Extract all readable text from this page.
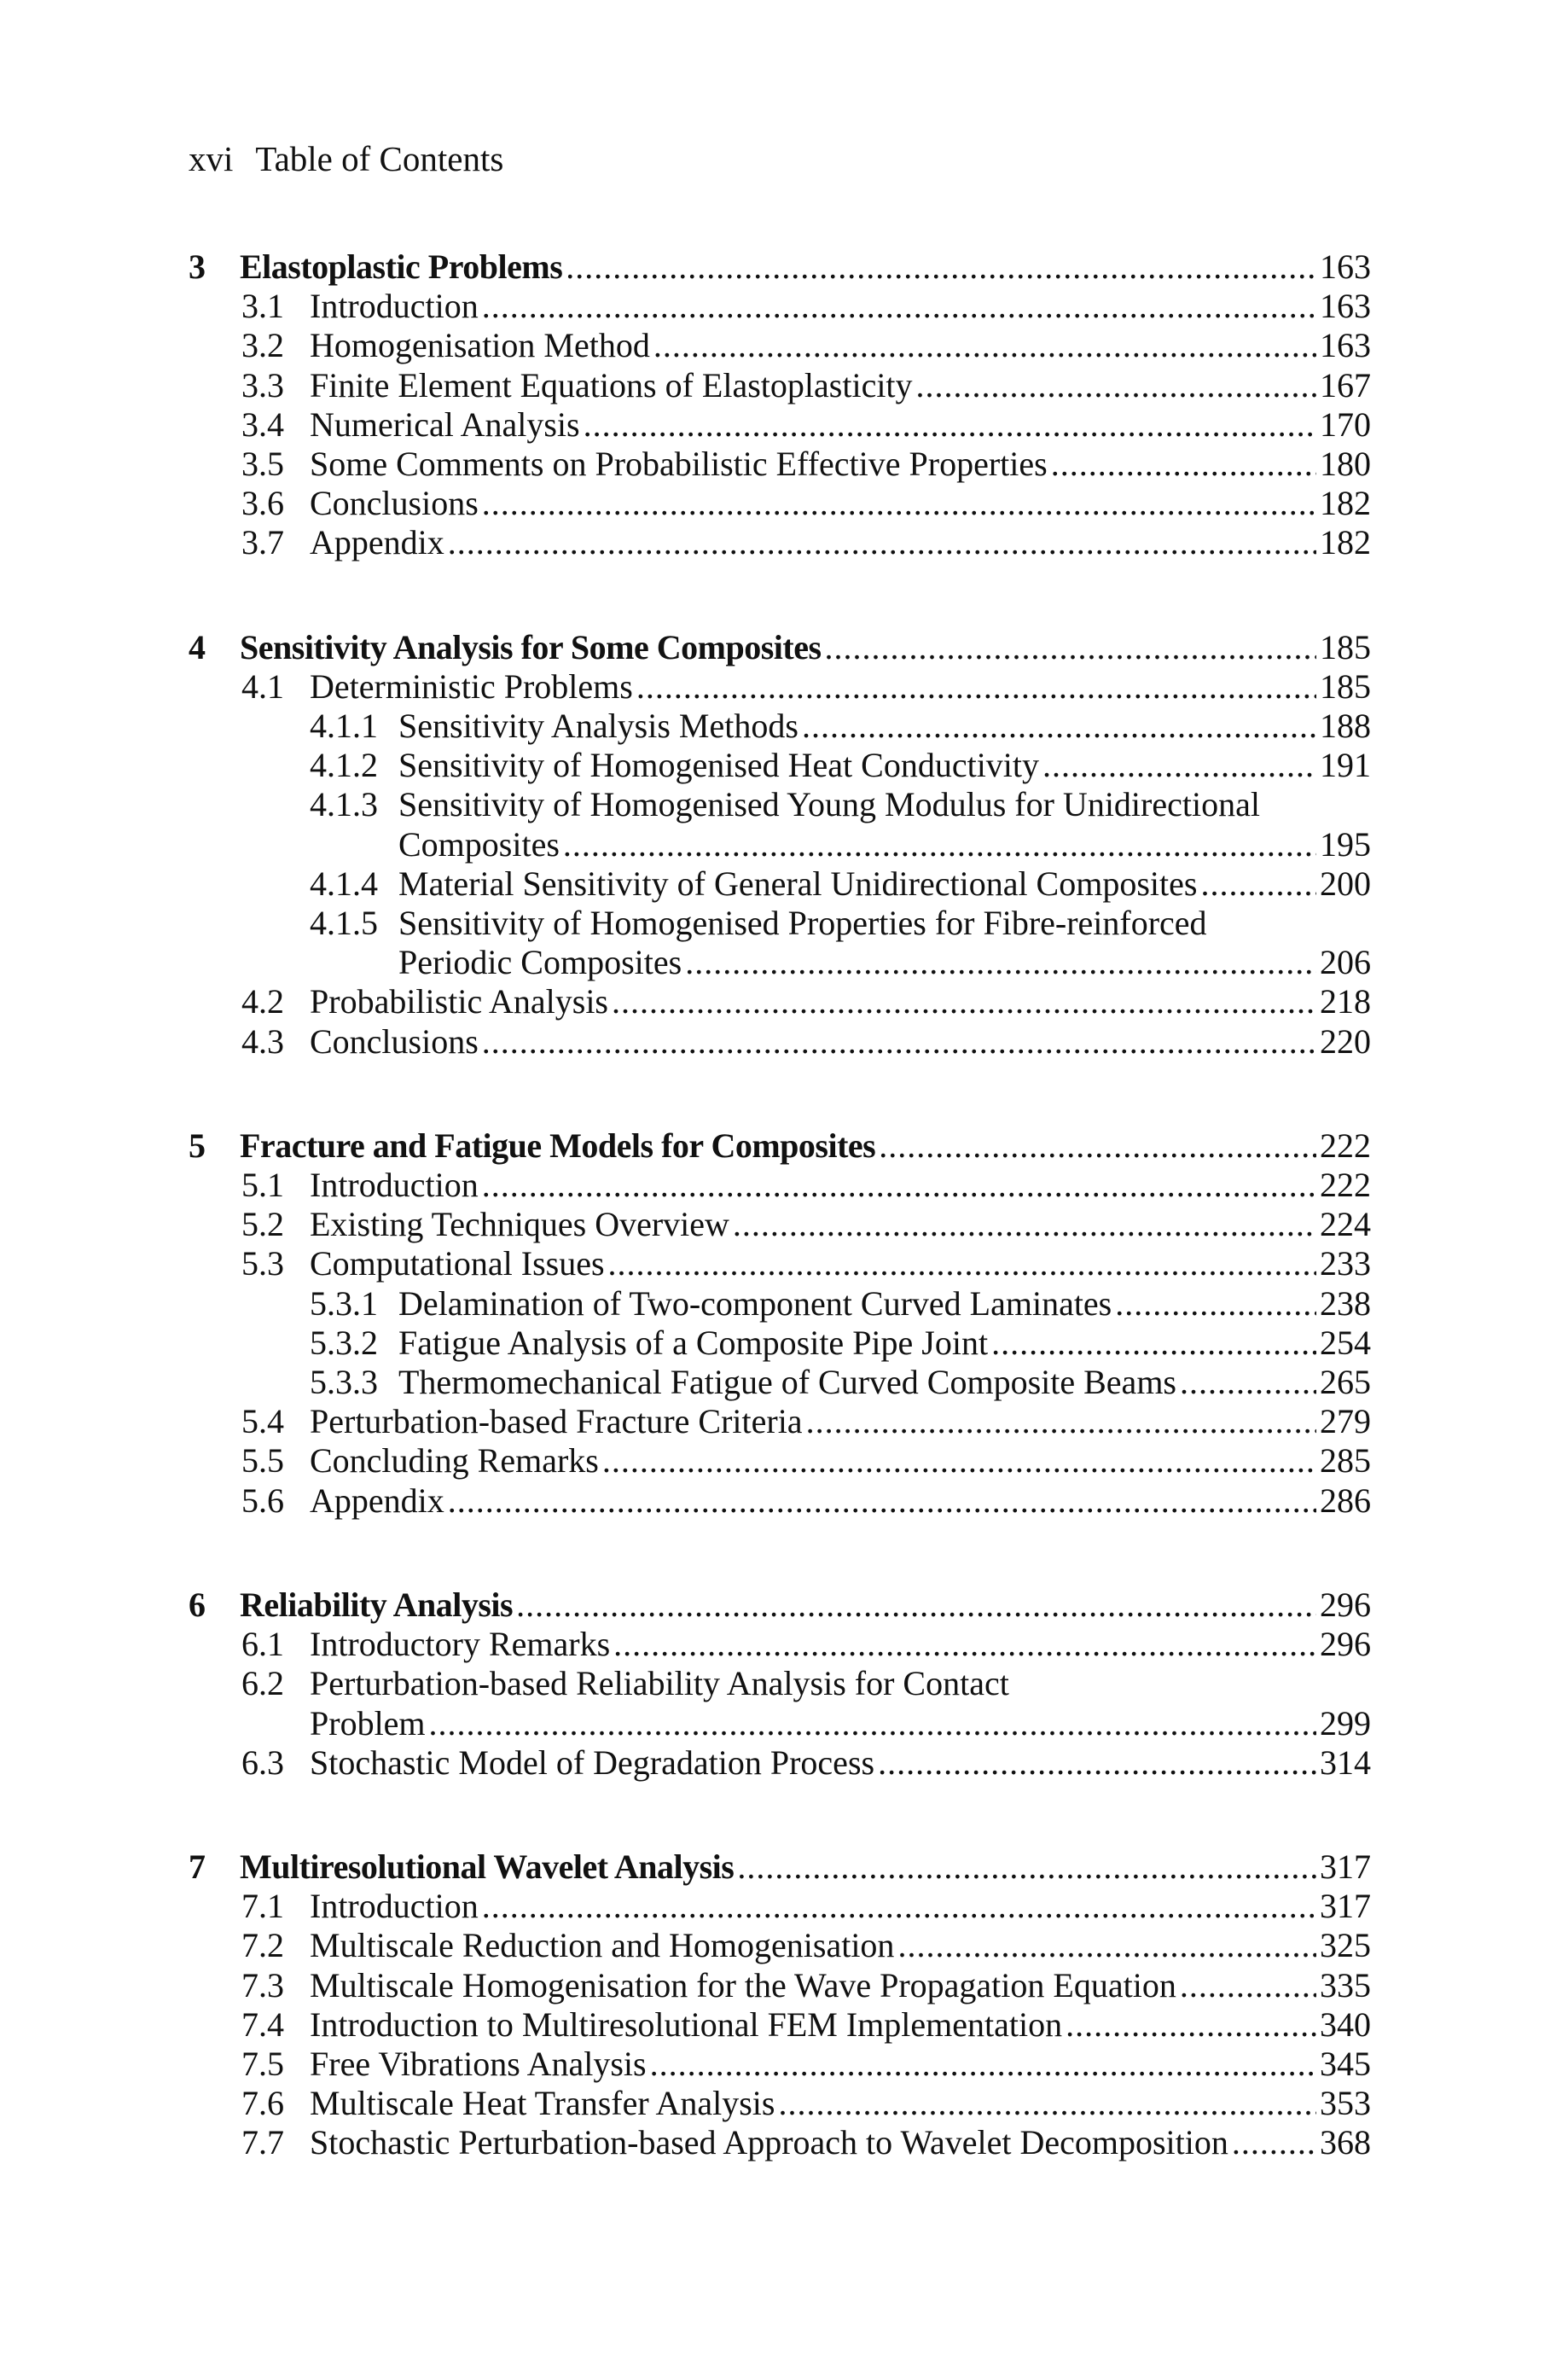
xvi Table of Contents
3 Elastoplastic Problems .....	163
3.1 Introduction .....	163
3.2 Homogenisation Method .....	163
3.3 Finite Element Equations of Elastoplasticity .....	167
3.4 Numerical Analysis .....	170
3.5 Some Comments on Probabilistic Effective Properties .....	180
3.6 Conclusions .....	182
3.7 Appendix .....	182
4 Sensitivity Analysis for Some Composites .....	185
4.1 Deterministic Problems .....	185
4.1.1 Sensitivity Analysis Methods .....	188
4.1.2 Sensitivity of Homogenised Heat Conductivity .....	191
4.1.3 Sensitivity of Homogenised Young Modulus for Unidirectional
Composites .....	195
4.1.4 Material Sensitivity of General Unidirectional Composites .....	200
4.1.5 Sensitivity of Homogenised Properties for Fibre-reinforced
Periodic Composites .....	206
4.2 Probabilistic Analysis .....	218
4.3 Conclusions .....	220
5 Fracture and Fatigue Models for Composites .....	222
5.1 Introduction .....	222
5.2 Existing Techniques Overview .....	224
5.3 Computational Issues .....	233
5.3.1 Delamination of Two-component Curved Laminates .....	238
5.3.2 Fatigue Analysis of a Composite Pipe Joint .....	254
5.3.3 Thermomechanical Fatigue of Curved Composite Beams .....	265
5.4 Perturbation-based Fracture Criteria .....	279
5.5 Concluding Remarks .....	285
5.6 Appendix .....	286
6 Reliability Analysis .....	296
6.1 Introductory Remarks .....	296
6.2 Perturbation-based Reliability Analysis for Contact
Problem .....	299
6.3 Stochastic Model of Degradation Process .....	314
7 Multiresolutional Wavelet Analysis .....	317
7.1 Introduction .....	317
7.2 Multiscale Reduction and Homogenisation .....	325
7.3 Multiscale Homogenisation for the Wave Propagation Equation .....	335
7.4 Introduction to Multiresolutional FEM Implementation .....	340
7.5 Free Vibrations Analysis .....	345
7.6 Multiscale Heat Transfer Analysis .....	353
7.7 Stochastic Perturbation-based Approach to Wavelet Decomposition .....	368
